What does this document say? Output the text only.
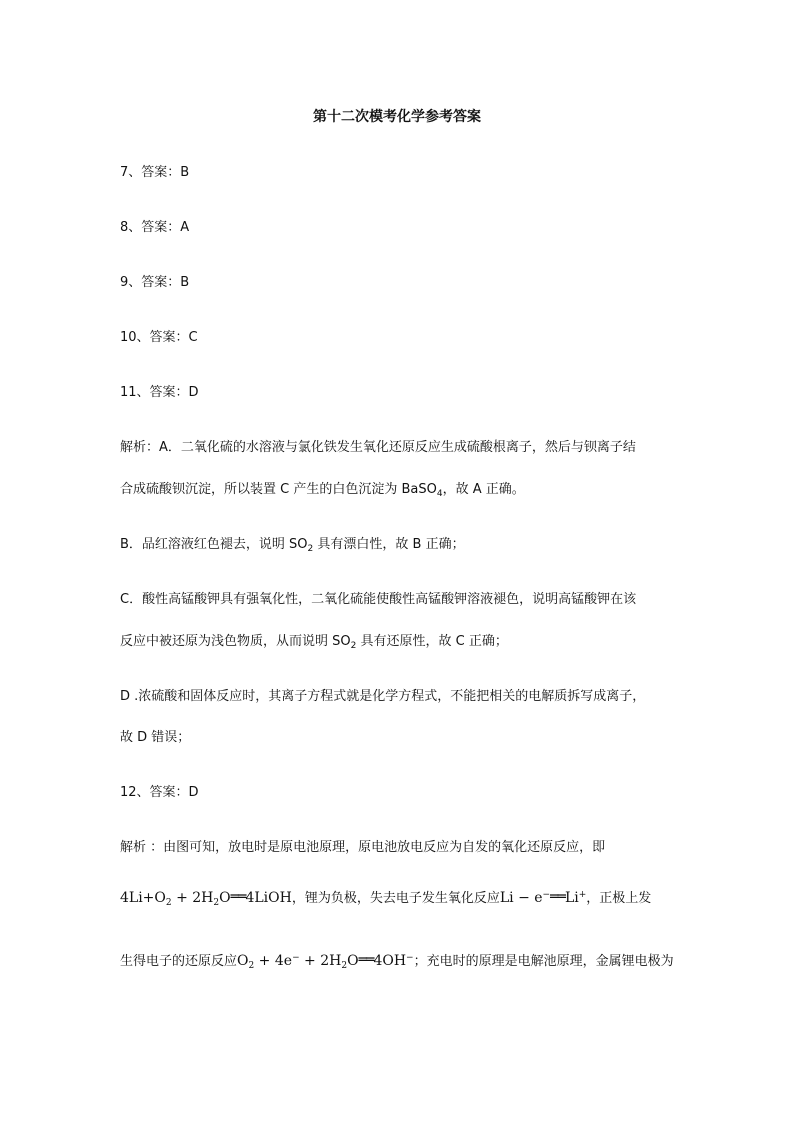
第十二次模考化学参考答案
7、答案：B
8、答案：A
9、答案：B
10、答案：C
11、答案：D
解析：A．二氧化硫的水溶液与氯化铁发生氧化还原反应生成硫酸根离子，然后与钡离子结
合成硫酸钡沉淀，所以装置 C 产生的白色沉淀为 BaSO$_4$，故 A 正确。
B．品红溶液红色褪去，说明 $SO_2$ 具有漂白性，故 B 正确；
C．酸性高锰酸钾具有强氧化性，二氧化硫能使酸性高锰酸钾溶液褪色，说明高锰酸钾在该
反应中被还原为浅色物质，从而说明 $SO_2$ 具有还原性，故 C 正确；
D .浓硫酸和固体反应时，其离子方程式就是化学方程式，不能把相关的电解质拆写成离子，
故 D 错误；
12、答案：D
解析 ：由图可知，放电时是原电池原理，原电池放电反应为自发的氧化还原反应，即
$4Li+O_2$ + $2H_2O══4LiOH$，锂为负极，失去电子发生氧化反应Li − e−══Li+，正极上发
生得电子的还原反应$O_2 + 4e^-$ + $2H_2O══4OH^-$；充电时的原理是电解池原理，金属锂电极为
